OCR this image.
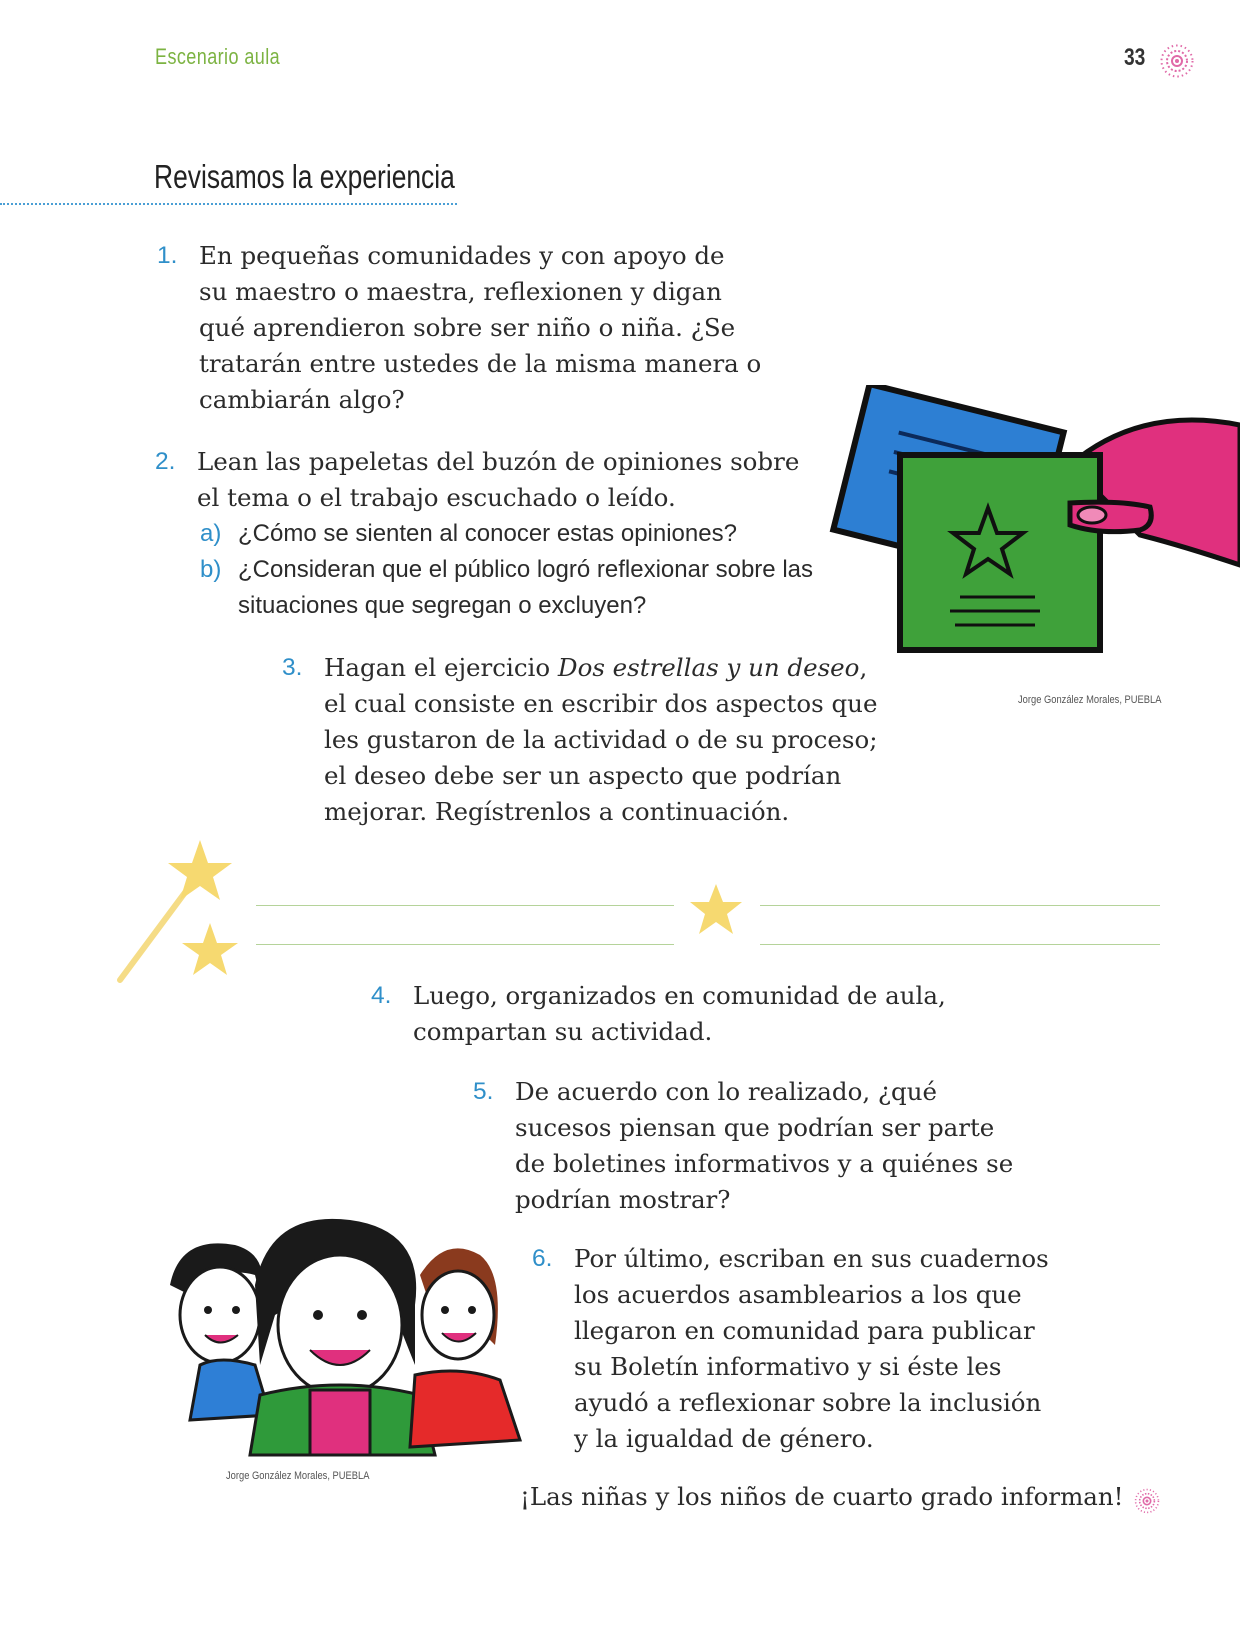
Escenario aula	33
Revisamos la experiencia
1. En pequeñas comunidades y con apoyo de
su maestro o maestra, reflexionen y digan
qué aprendieron sobre ser niño o niña. ¿Se
tratarán entre ustedes de la misma manera o
cambiarán algo?
2. Lean las papeletas del buzón de opiniones sobre
el tema o el trabajo escuchado o leído.
a) ¿Cómo se sienten al conocer estas opiniones?
b) ¿Consideran que el público logró reflexionar sobre las situaciones que segregan o excluyen?
Jorge González Morales, PUEBLA
3. Hagan el ejercicio Dos estrellas y un deseo,
el cual consiste en escribir dos aspectos que
les gustaron de la actividad o de su proceso;
el deseo debe ser un aspecto que podrían
mejorar. Regístrenlos a continuación.
4. Luego, organizados en comunidad de aula,
compartan su actividad.
5. De acuerdo con lo realizado, ¿qué
sucesos piensan que podrían ser parte
de boletines informativos y a quiénes se
podrían mostrar?
Jorge González Morales, PUEBLA
6. Por último, escriban en sus cuadernos
los acuerdos asamblearios a los que
llegaron en comunidad para publicar
su Boletín informativo y si éste les
ayudó a reflexionar sobre la inclusión
y la igualdad de género.
¡Las niñas y los niños de cuarto grado informan!
